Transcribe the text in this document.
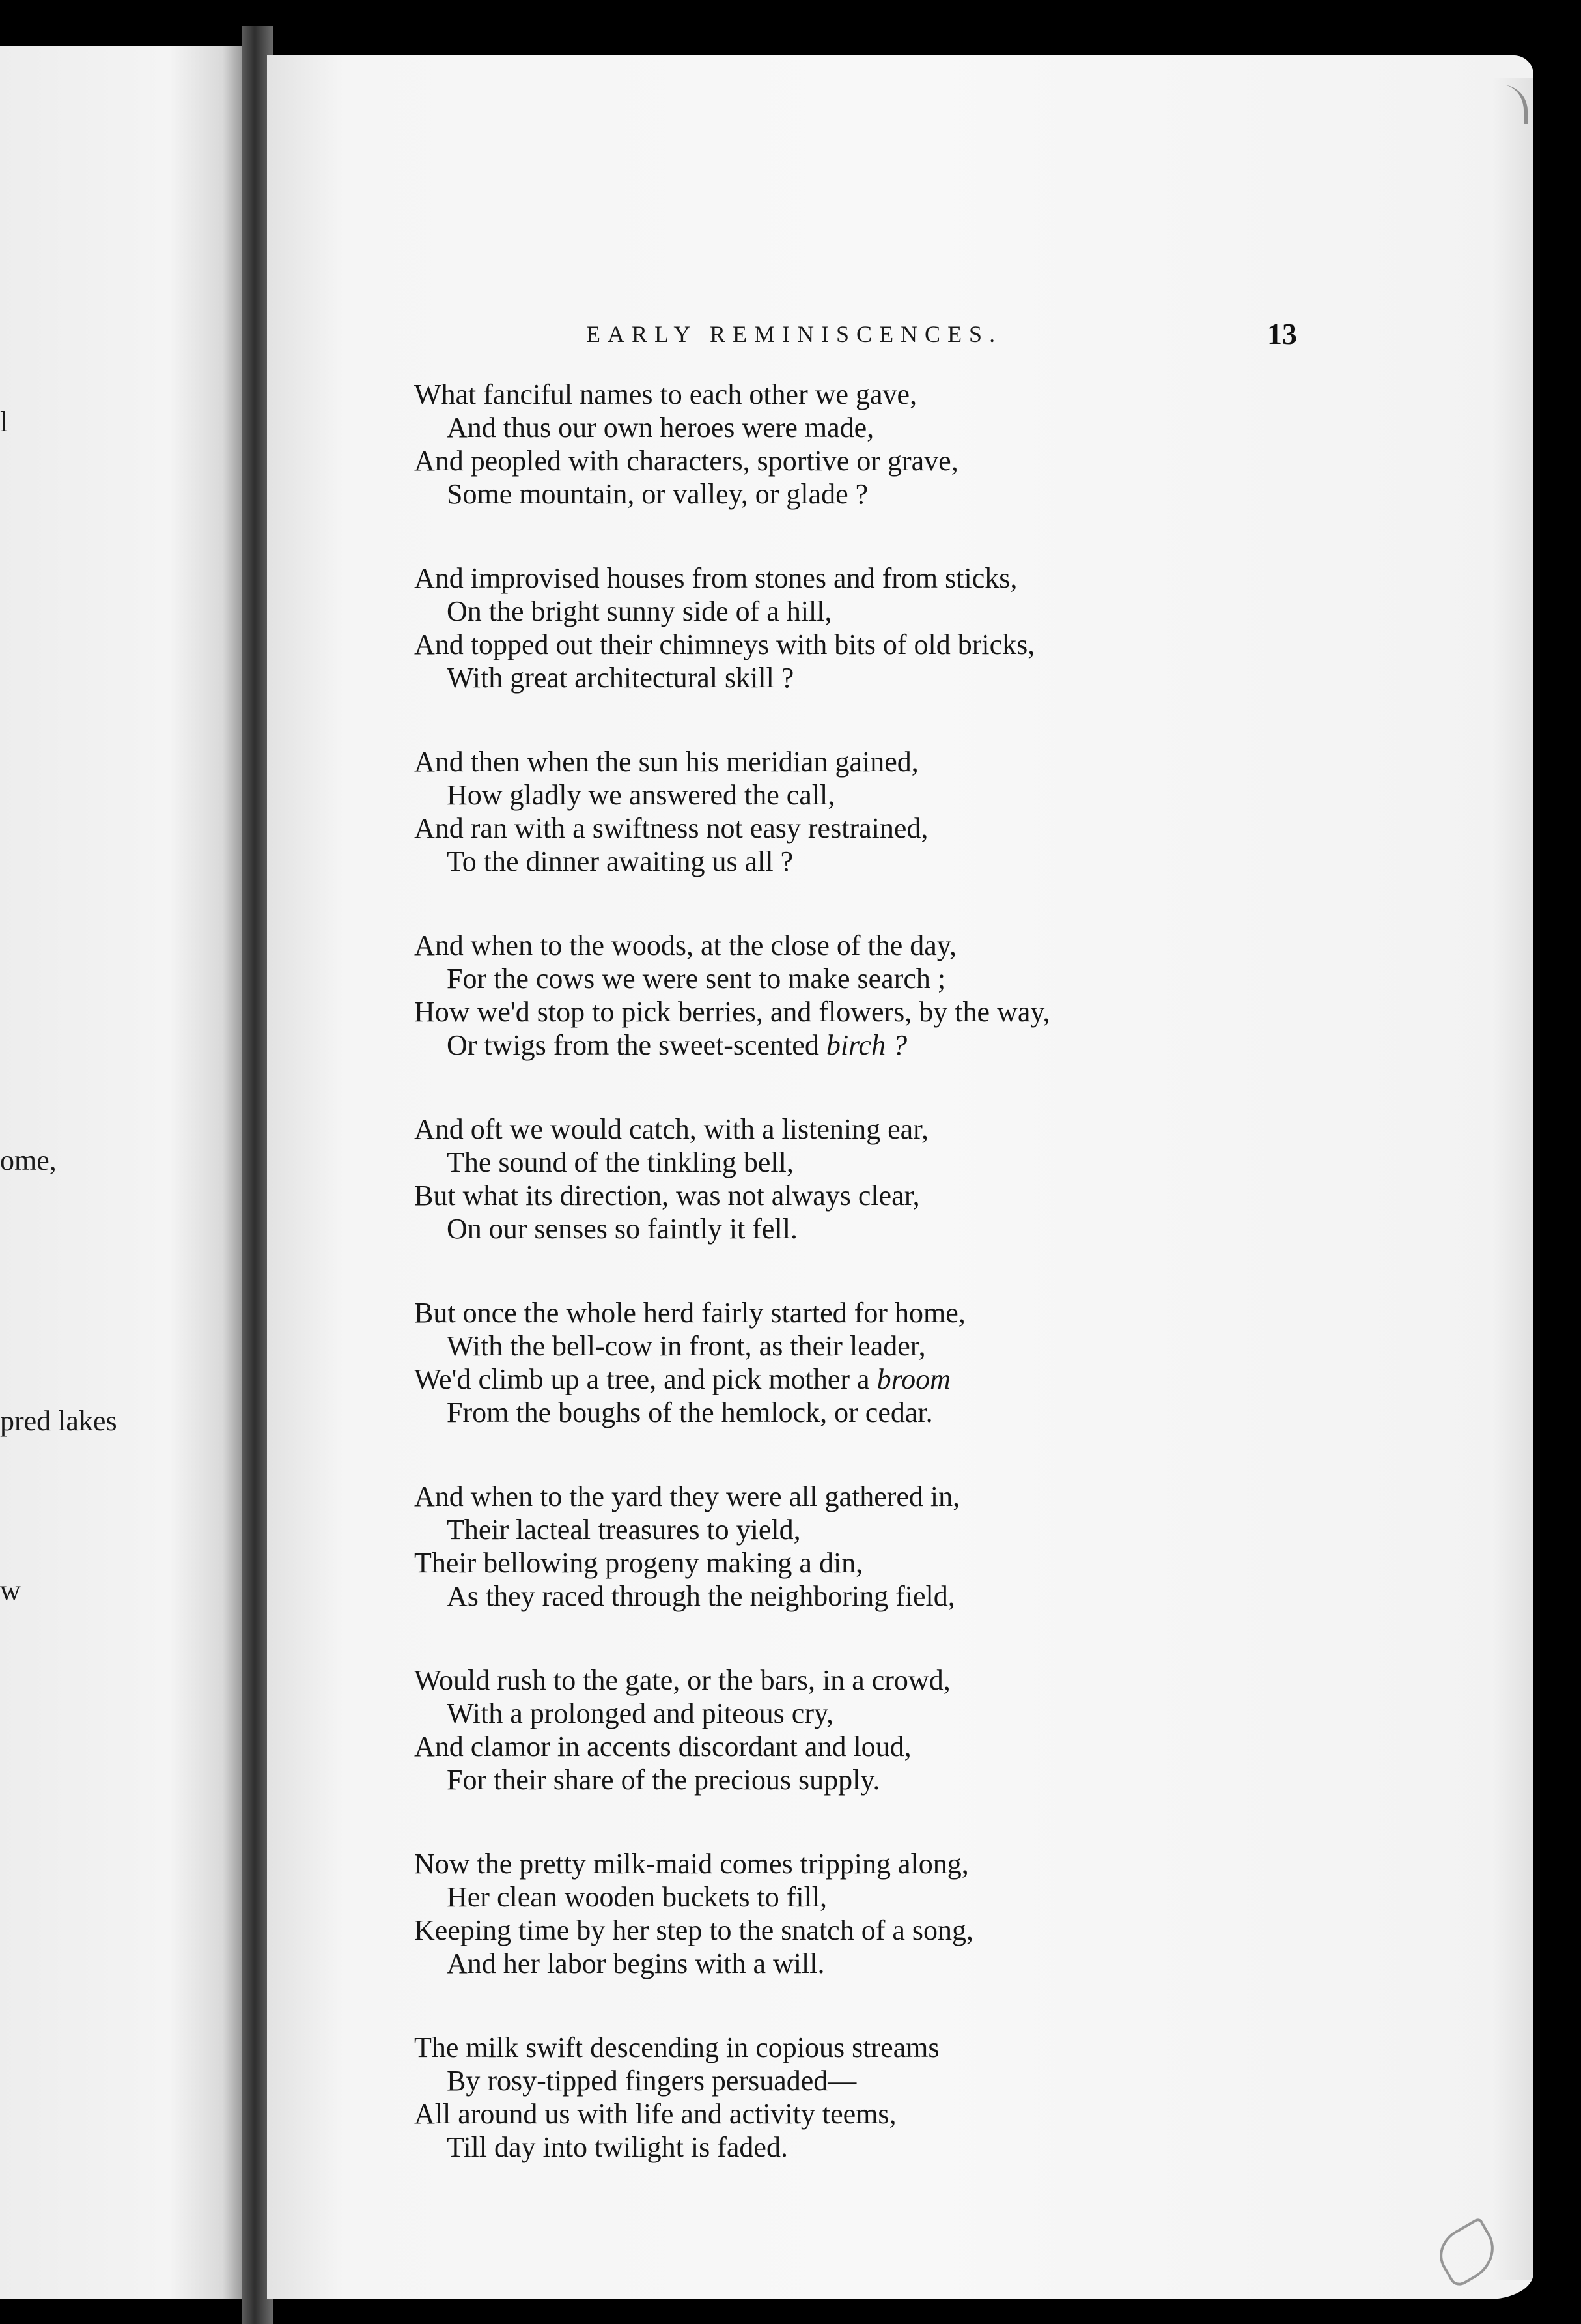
l
ome,
pred lakes
w
EARLY REMINISCENCES.	13
What fanciful names to each other we gave,
And thus our own heroes were made,
And peopled with characters, sportive or grave,
Some mountain, or valley, or glade ?
And improvised houses from stones and from sticks,
On the bright sunny side of a hill,
And topped out their chimneys with bits of old bricks,
With great architectural skill ?
And then when the sun his meridian gained,
How gladly we answered the call,
And ran with a swiftness not easy restrained,
To the dinner awaiting us all ?
And when to the woods, at the close of the day,
For the cows we were sent to make search ;
How we'd stop to pick berries, and flowers, by the way,
Or twigs from the sweet-scented birch ?
And oft we would catch, with a listening ear,
The sound of the tinkling bell,
But what its direction, was not always clear,
On our senses so faintly it fell.
But once the whole herd fairly started for home,
With the bell-cow in front, as their leader,
We'd climb up a tree, and pick mother a broom
From the boughs of the hemlock, or cedar.
And when to the yard they were all gathered in,
Their lacteal treasures to yield,
Their bellowing progeny making a din,
As they raced through the neighboring field,
Would rush to the gate, or the bars, in a crowd,
With a prolonged and piteous cry,
And clamor in accents discordant and loud,
For their share of the precious supply.
Now the pretty milk-maid comes tripping along,
Her clean wooden buckets to fill,
Keeping time by her step to the snatch of a song,
And her labor begins with a will.
The milk swift descending in copious streams
By rosy-tipped fingers persuaded—
All around us with life and activity teems,
Till day into twilight is faded.
